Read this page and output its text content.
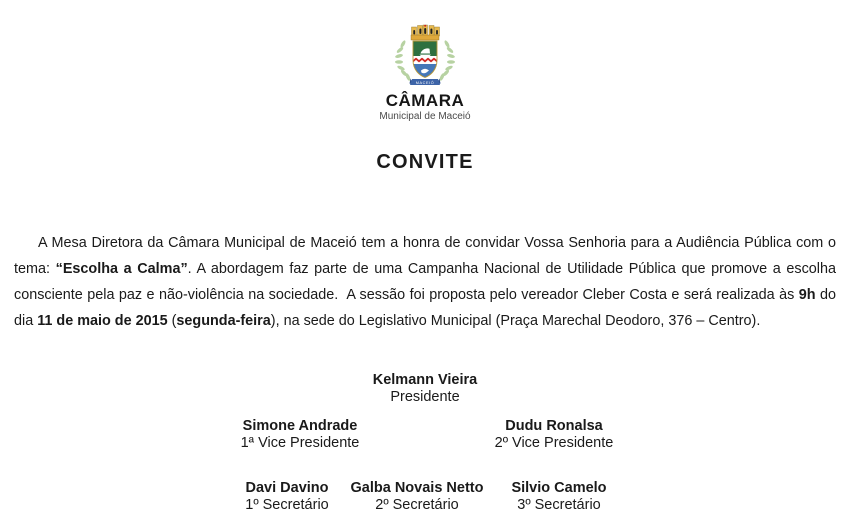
MACEIÓ
CÂMARA
Municipal de Maceió
CONVITE

A Mesa Diretora da Câmara Municipal de Maceió tem a honra de convidar Vossa Senhoria para a Audiência Pública com o tema: “Escolha a Calma”. A abordagem faz parte de uma Campanha Nacional de Utilidade Pública que promove a escolha consciente pela paz e não-violência na sociedade.  A sessão foi proposta pelo vereador Cleber Costa e será realizada às 9h do dia 11 de maio de 2015 (segunda-feira), na sede do Legislativo Municipal (Praça Marechal Deodoro, 376 – Centro).

Kelmann Vieira
Presidente
Simone Andrade
1ª Vice Presidente
Dudu Ronalsa
2º Vice Presidente
Davi Davino
1º Secretário
Galba Novais Netto
2º Secretário
Silvio Camelo
3º Secretário
